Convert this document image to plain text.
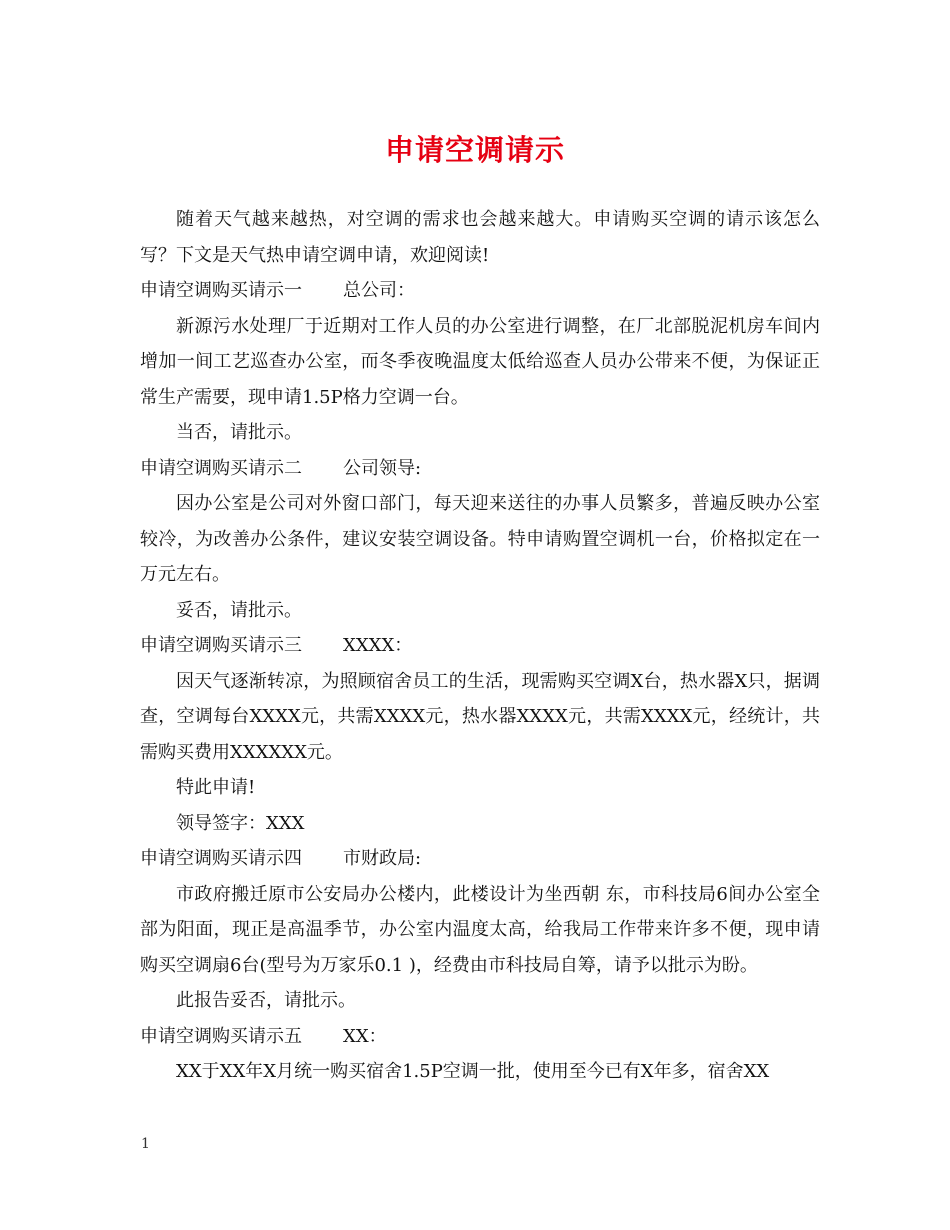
申请空调请示

随着天气越来越热，对空调的需求也会越来越大。申请购买空调的请示该怎么写？下文是天气热申请空调申请，欢迎阅读!

申请空调购买请示一 总公司：

新源污水处理厂于近期对工作人员的办公室进行调整，在厂北部脱泥机房车间内增加一间工艺巡查办公室，而冬季夜晚温度太低给巡查人员办公带来不便，为保证正常生产需要，现申请1.5P格力空调一台。

当否，请批示。

申请空调购买请示二 公司领导:

因办公室是公司对外窗口部门，每天迎来送往的办事人员繁多，普遍反映办公室较冷，为改善办公条件，建议安装空调设备。特申请购置空调机一台，价格拟定在一万元左右。

妥否，请批示。

申请空调购买请示三 XXXX：

因天气逐渐转凉，为照顾宿舍员工的生活，现需购买空调X台，热水器X只，据调查，空调每台XXXX元，共需XXXX元，热水器XXXX元，共需XXXX元，经统计，共需购买费用XXXXXX元。

特此申请!

领导签字：XXX

申请空调购买请示四 市财政局:

市政府搬迁原市公安局办公楼内，此楼设计为坐西朝 东，市科技局6间办公室全部为阳面，现正是高温季节，办公室内温度太高，给我局工作带来许多不便，现申请购买空调扇6台(型号为万家乐0.1 )，经费由市科技局自筹，请予以批示为盼。

此报告妥否，请批示。

申请空调购买请示五 XX：

XX于XX年X月统一购买宿舍1.5P空调一批，使用至今已有X年多，宿舍XX

1
